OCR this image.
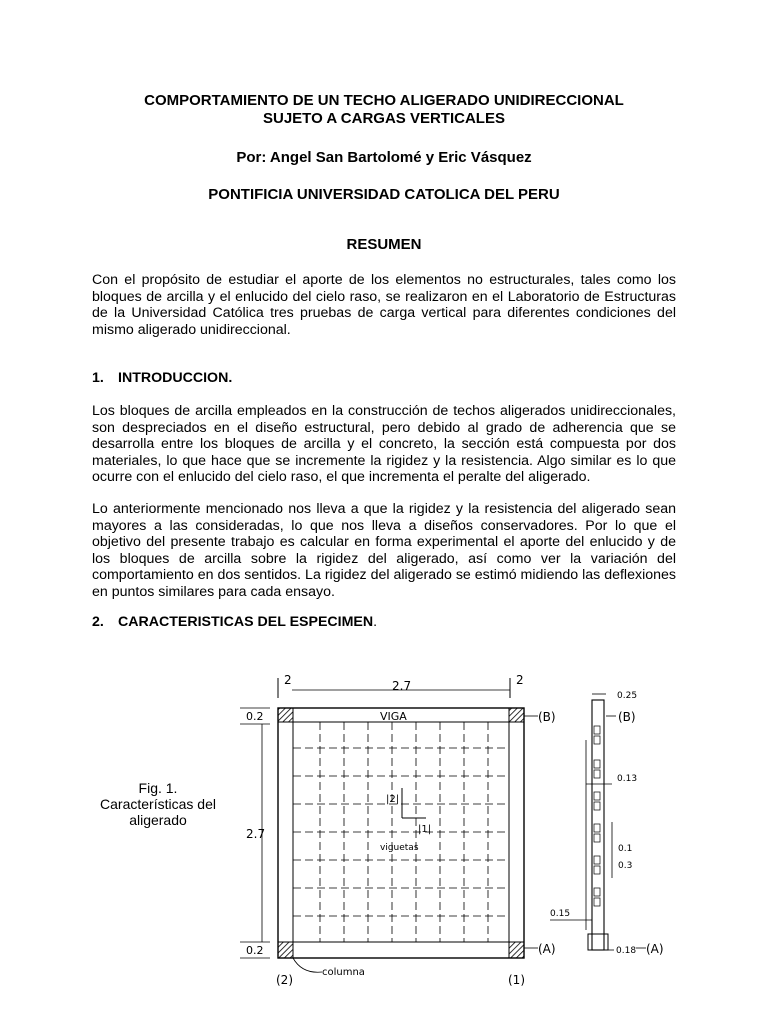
COMPORTAMIENTO DE UN TECHO ALIGERADO UNIDIRECCIONAL
SUJETO A CARGAS VERTICALES
Por: Angel San Bartolomé y Eric Vásquez
PONTIFICIA UNIVERSIDAD CATOLICA DEL PERU
RESUMEN

Con el propósito de estudiar el aporte de los elementos no estructurales, tales como los bloques de arcilla y el enlucido del cielo raso, se realizaron en el Laboratorio de Estructuras de la Universidad Católica tres pruebas de carga vertical para diferentes condiciones del mismo aligerado unidireccional.

1. INTRODUCCION.

Los bloques de arcilla empleados en la construcción de techos aligerados unidireccionales, son despreciados en el diseño estructural, pero debido al grado de adherencia que se desarrolla entre los bloques de arcilla y el concreto, la sección está compuesta por dos materiales, lo que hace que se incremente la rigidez y la resistencia. Algo similar es lo que ocurre con el enlucido del cielo raso, el que incrementa el peralte del aligerado.

Lo anteriormente mencionado nos lleva a que la rigidez y la resistencia del aligerado sean mayores a las consideradas, lo que nos lleva a diseños conservadores. Por lo que el objetivo del presente trabajo es calcular en forma experimental el aporte del enlucido y de los bloques de arcilla sobre la rigidez del aligerado, así como ver la variación del comportamiento en dos sentidos. La rigidez del aligerado se estimó midiendo las deflexiones en puntos similares para cada ensayo.

2. CARACTERISTICAS DEL ESPECIMEN.
Fig. 1.
Características del
aligerado
2	2.7	2
0.2
2.7
0.2
VIGA
|2|
|1|
viguetas
(B)
(A)
(2)
columna
(1)
0.25
(B)
0.13
0.1
0.3
0.15
0.18 (A)
